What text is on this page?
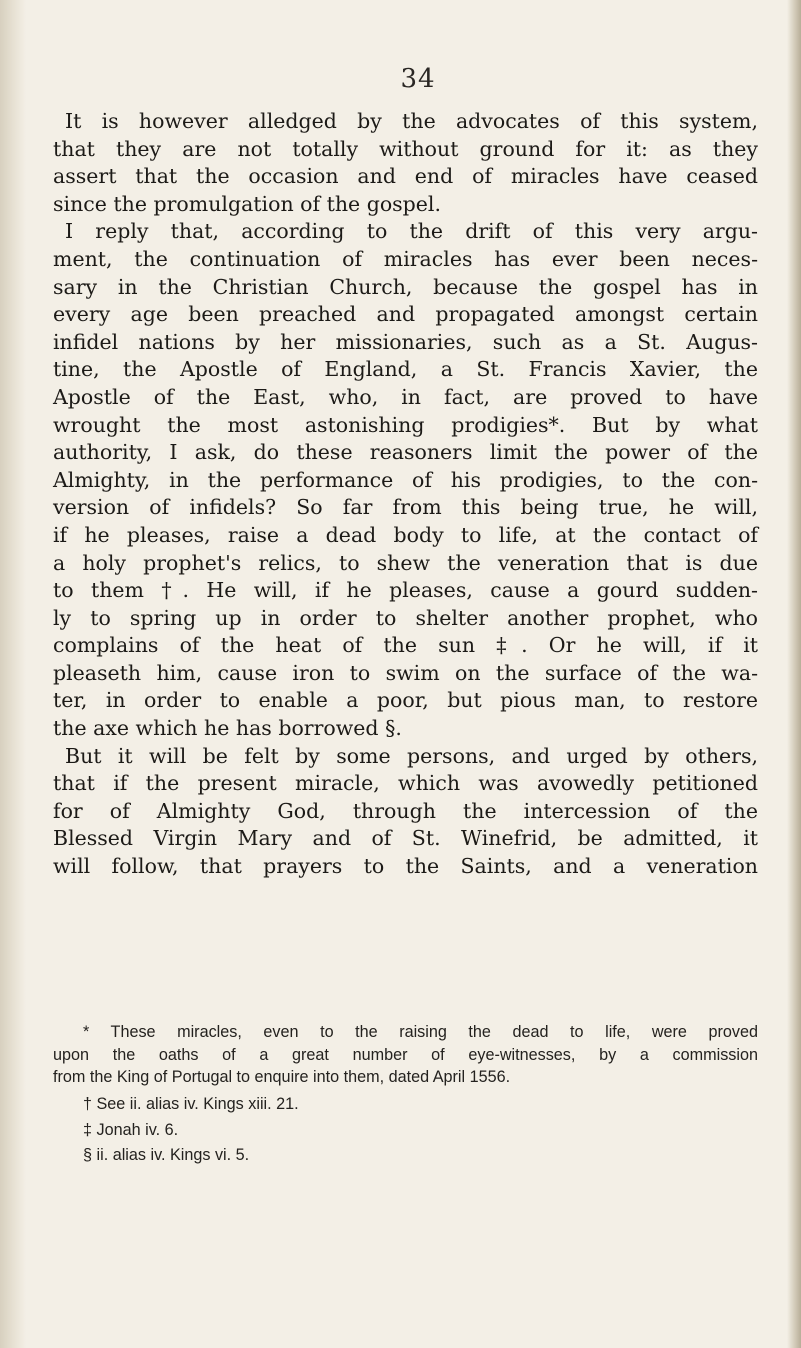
34
It is however alledged by the advocates of this system,
that they are not totally without ground for it: as they
assert that the occasion and end of miracles have ceased
since the promulgation of the gospel.
I reply that, according to the drift of this very argu-
ment, the continuation of miracles has ever been neces-
sary in the Christian Church, because the gospel has in
every age been preached and propagated amongst certain
infidel nations by her missionaries, such as a St. Augus-
tine, the Apostle of England, a St. Francis Xavier, the
Apostle of the East, who, in fact, are proved to have
wrought the most astonishing prodigies*. But by what
authority, I ask, do these reasoners limit the power of the
Almighty, in the performance of his prodigies, to the con-
version of infidels? So far from this being true, he will,
if he pleases, raise a dead body to life, at the contact of
a holy prophet's relics, to shew the veneration that is due
to them †. He will, if he pleases, cause a gourd sudden-
ly to spring up in order to shelter another prophet, who
complains of the heat of the sun ‡. Or he will, if it
pleaseth him, cause iron to swim on the surface of the wa-
ter, in order to enable a poor, but pious man, to restore
the axe which he has borrowed §.
But it will be felt by some persons, and urged by others,
that if the present miracle, which was avowedly petitioned
for of Almighty God, through the intercession of the
Blessed Virgin Mary and of St. Winefrid, be admitted, it
will follow, that prayers to the Saints, and a veneration
* These miracles, even to the raising the dead to life, were proved
upon the oaths of a great number of eye-witnesses, by a commission
from the King of Portugal to enquire into them, dated April 1556.
† See ii. alias iv. Kings xiii. 21.
‡ Jonah iv. 6.
§ ii. alias iv. Kings vi. 5.
